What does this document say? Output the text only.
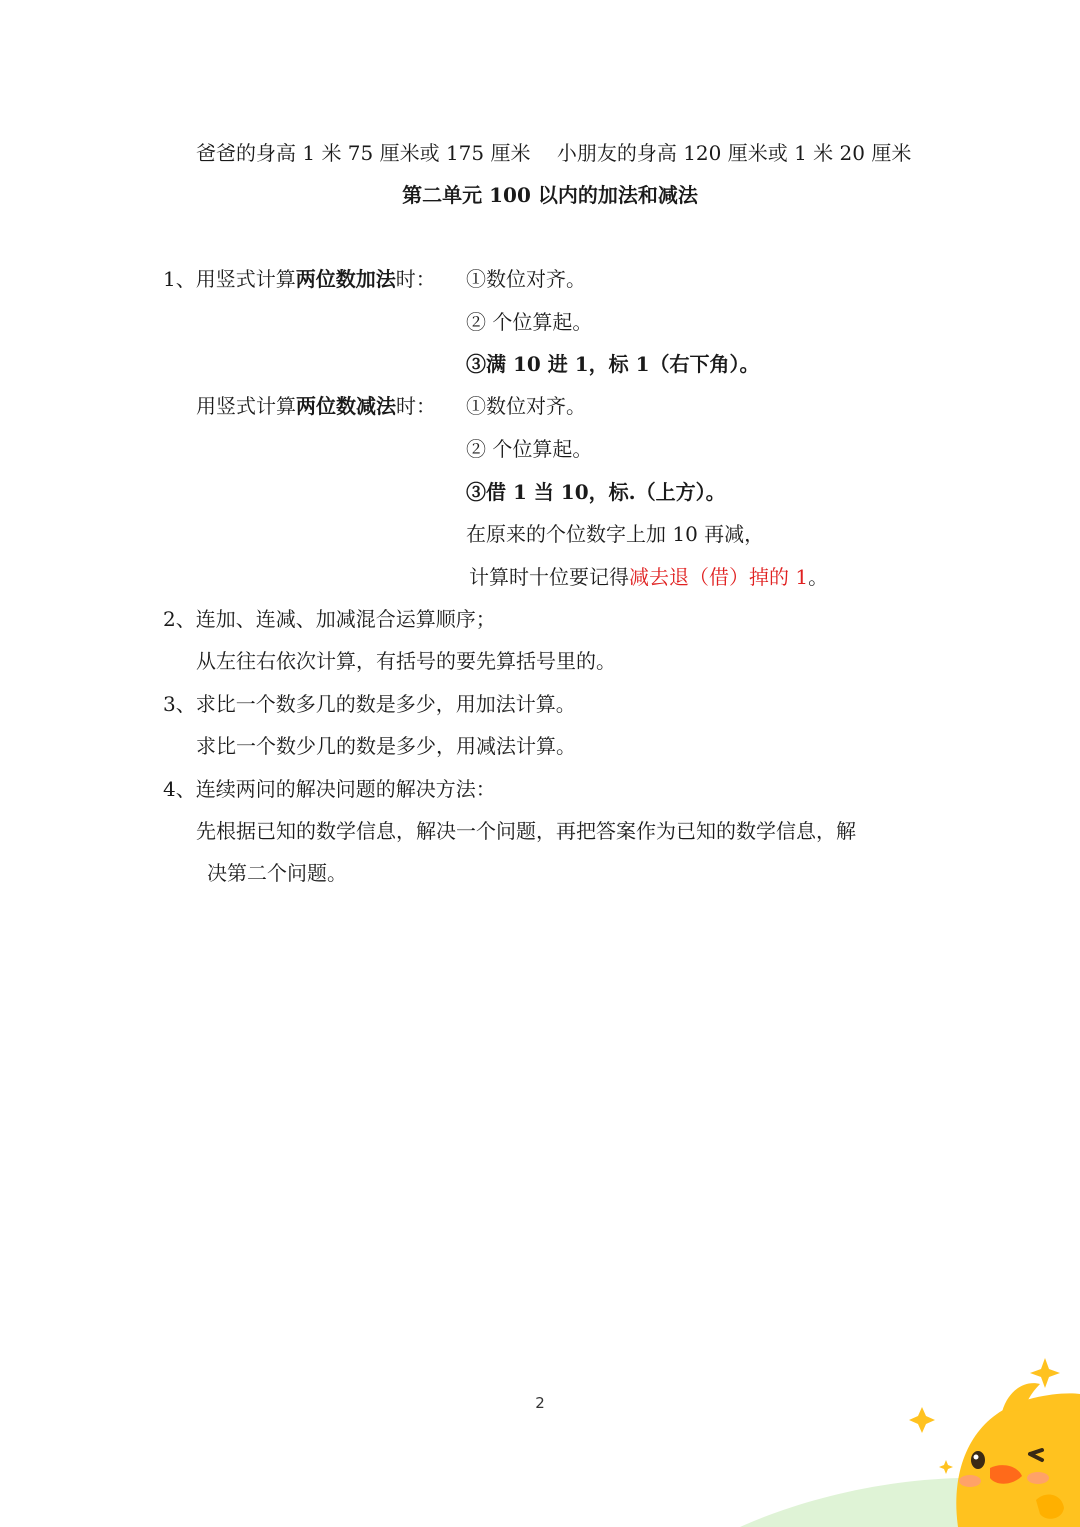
爸爸的身高 1 米 75 厘米或 175 厘米　 小朋友的身高 120 厘米或 1 米 20 厘米
第二单元 100 以内的加法和减法
1、用竖式计算两位数加法时： ①数位对齐。
② 个位算起。
③满 10 进 1，标 1（右下角）。
用竖式计算两位数减法时： ①数位对齐。
② 个位算起。
③借 1 当 10，标.（上方）。
在原来的个位数字上加 10 再减，
计算时十位要记得减去退（借）掉的 1。
2、连加、连减、加减混合运算顺序；
从左往右依次计算，有括号的要先算括号里的。
3、求比一个数多几的数是多少，用加法计算。
求比一个数少几的数是多少，用减法计算。
4、连续两问的解决问题的解决方法：
先根据已知的数学信息，解决一个问题，再把答案作为已知的数学信息，解
决第二个问题。
2
